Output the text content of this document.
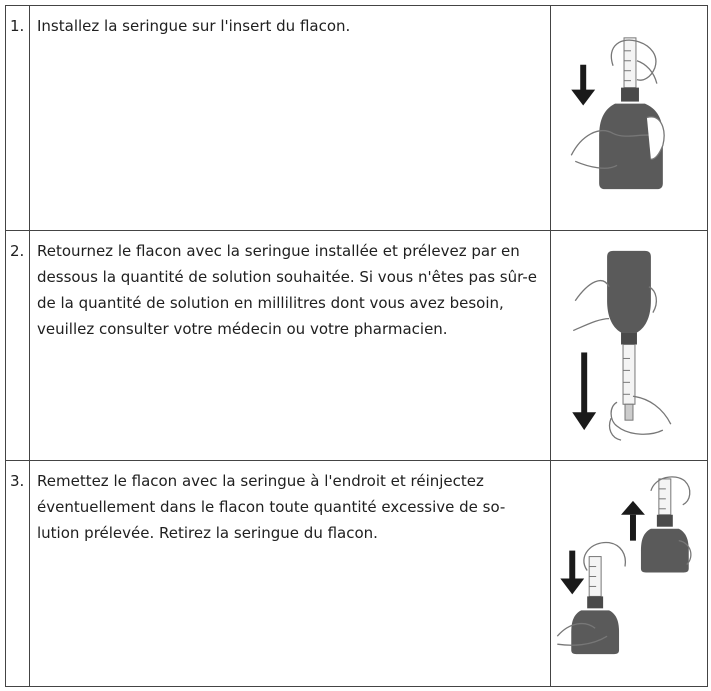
1.	Installez la seringue sur l'insert du flacon.	

2.	Retournez le flacon avec la seringue installée et prélevez par en dessous la quantité de solution souhaitée. Si vous n'êtes pas sûr-e de la quantité de solution en millilitres dont vous avez besoin, veuillez consulter votre médecin ou votre pharmacien.	

3.	Remettez le flacon avec la seringue à l'endroit et réinjectez éventuellement dans le flacon toute quantité excessive de so-lution prélevée. Retirez la seringue du flacon.	
